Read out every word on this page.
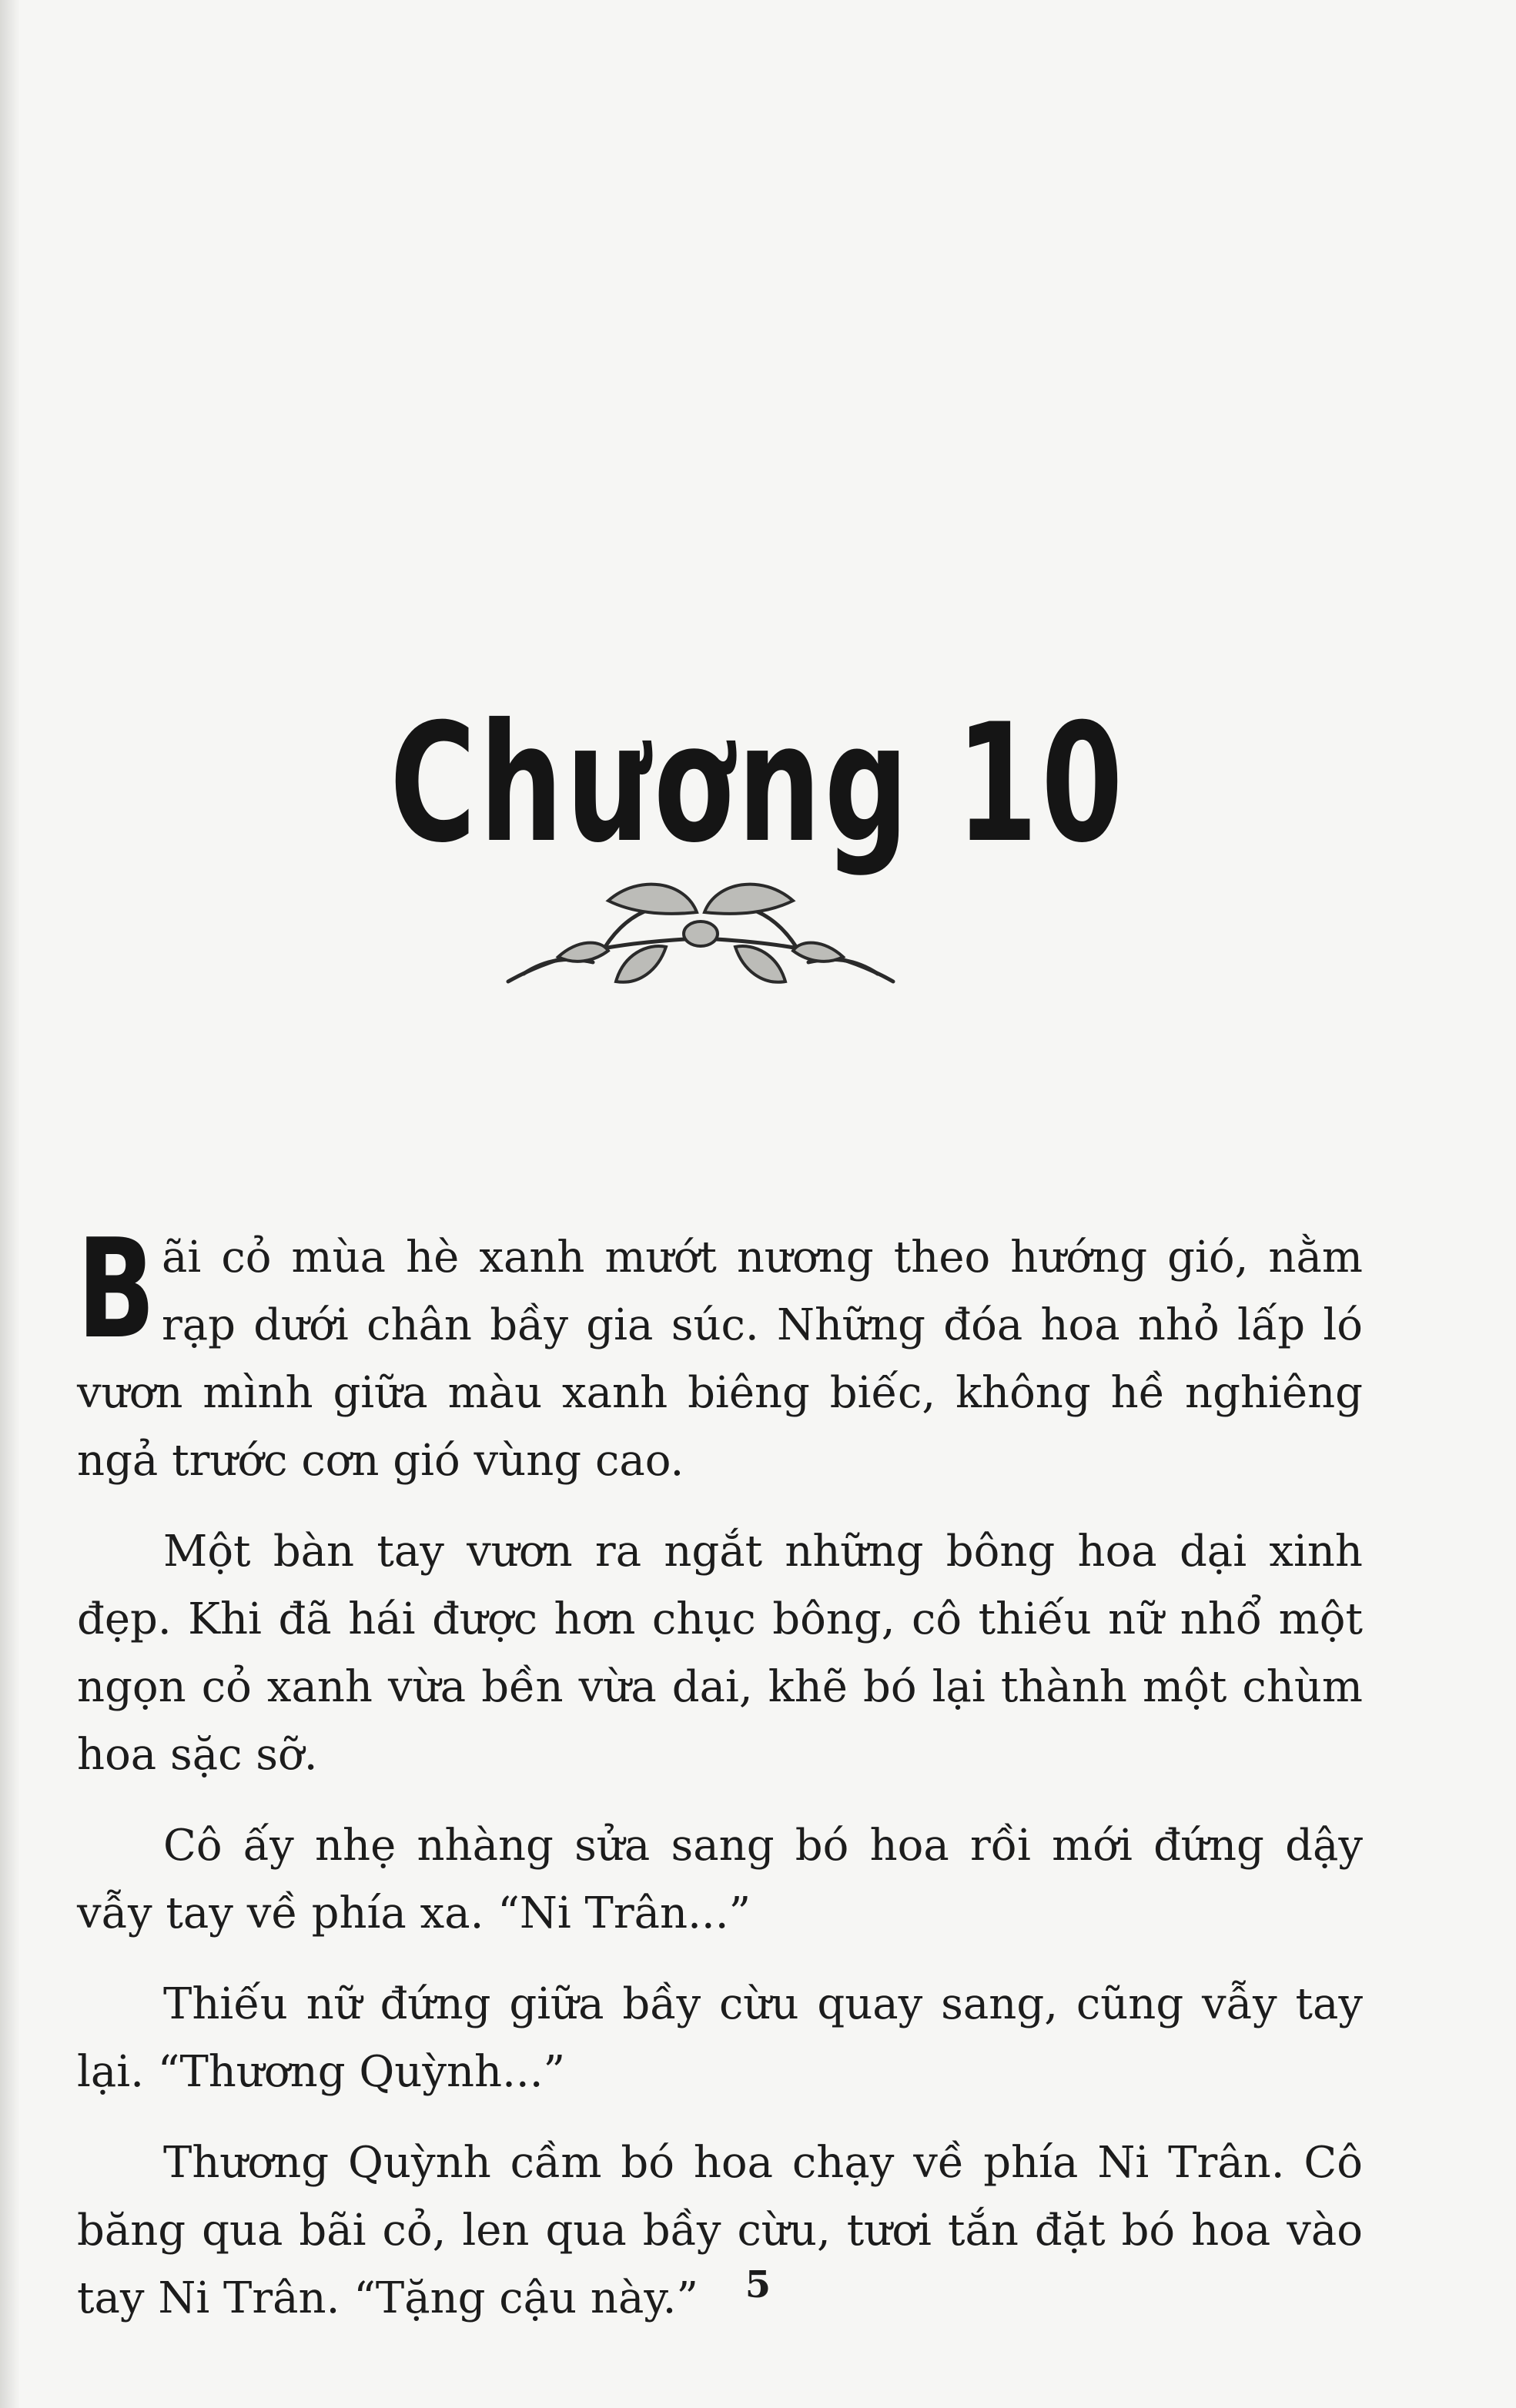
Chương 10

Bãi cỏ mùa hè xanh mướt nương theo hướng gió, nằm rạp dưới chân bầy gia súc. Những đóa hoa nhỏ lấp ló vươn mình giữa màu xanh biêng biếc, không hề nghiêng ngả trước cơn gió vùng cao.

Một bàn tay vươn ra ngắt những bông hoa dại xinh đẹp. Khi đã hái được hơn chục bông, cô thiếu nữ nhổ một ngọn cỏ xanh vừa bền vừa dai, khẽ bó lại thành một chùm hoa sặc sỡ.

Cô ấy nhẹ nhàng sửa sang bó hoa rồi mới đứng dậy vẫy tay về phía xa. “Ni Trân...”

Thiếu nữ đứng giữa bầy cừu quay sang, cũng vẫy tay lại. “Thương Quỳnh...”

Thương Quỳnh cầm bó hoa chạy về phía Ni Trân. Cô băng qua bãi cỏ, len qua bầy cừu, tươi tắn đặt bó hoa vào tay Ni Trân. “Tặng cậu này.”	5
